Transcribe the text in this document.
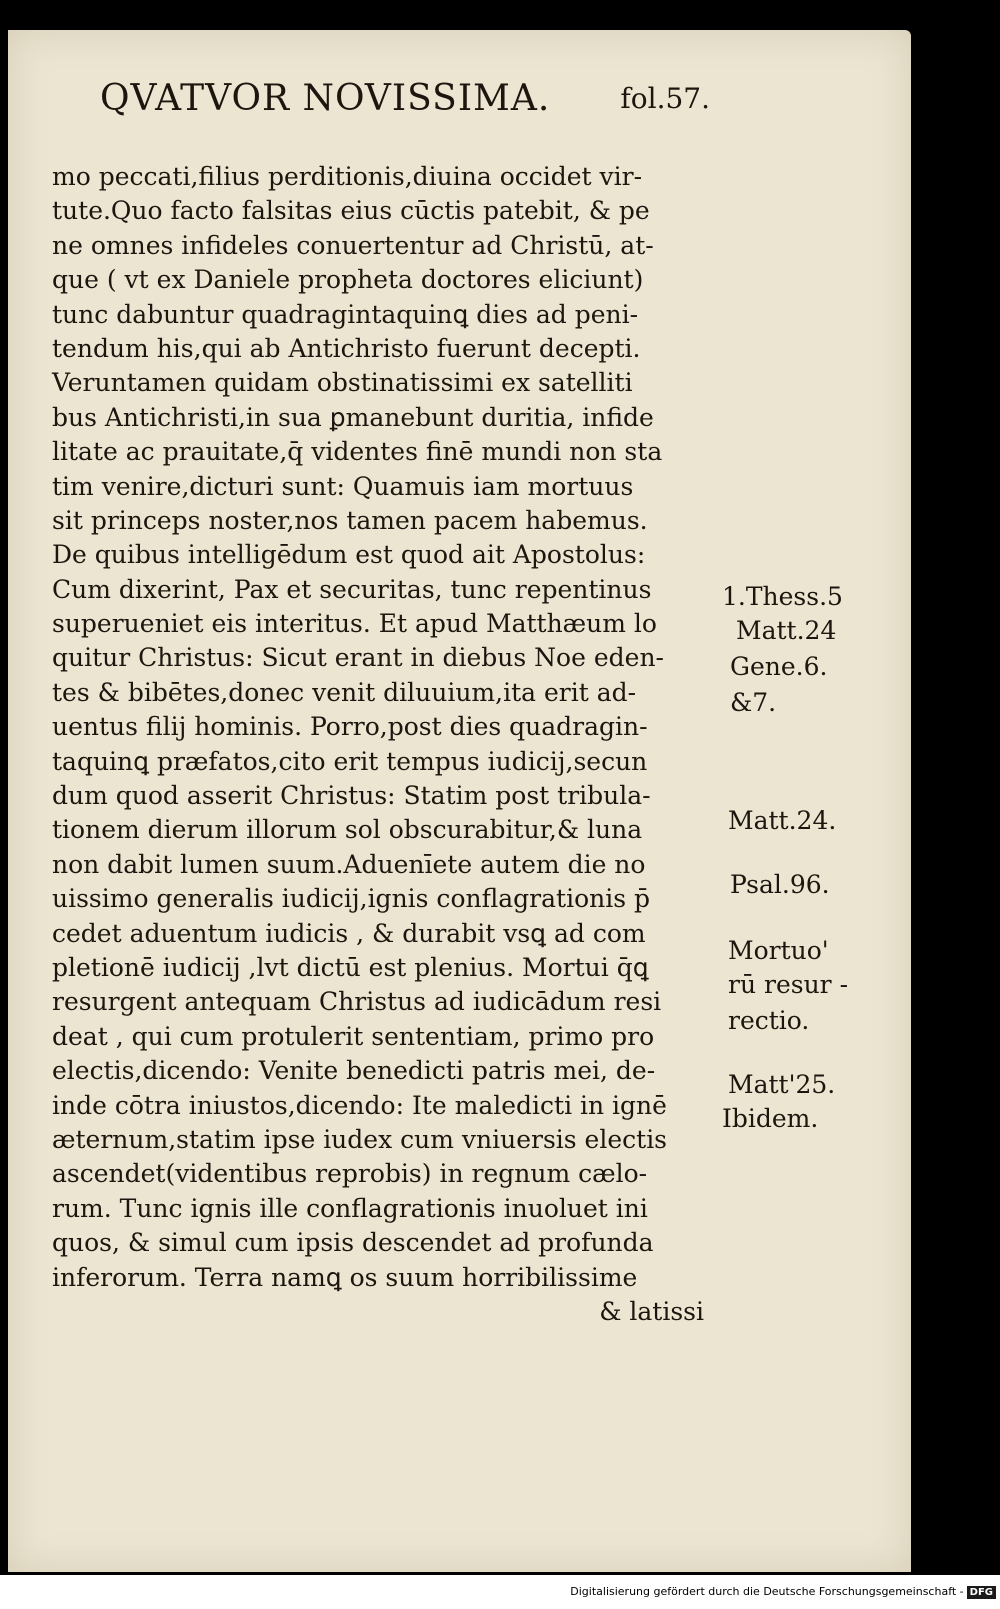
QVATVOR NOVISSIMA.	fol.57.
mo peccati,filius perditionis,diuina occidet vir-
tute.Quo facto falsitas eius cūctis patebit, & pe
ne omnes infideles conuertentur ad Christū, at-
que ( vt ex Daniele propheta doctores eliciunt)
tunc dabuntur quadragintaquinꝗ dies ad peni-
tendum his,qui ab Antichristo fuerunt decepti.
Veruntamen quidam obstinatissimi ex satelliti
bus Antichristi,in sua ꝑmanebunt duritia, infide
litate ac prauitate,q̄ videntes finē mundi non sta
tim venire,dicturi sunt: Quamuis iam mortuus
sit princeps noster,nos tamen pacem habemus.
De quibus intelligēdum est quod ait Apostolus:
Cum dixerint, Pax et securitas, tunc repentinus
superueniet eis interitus. Et apud Matthæum lo
quitur Christus: Sicut erant in diebus Noe eden-
tes & bibētes,donec venit diluuium,ita erit ad-
uentus filij hominis. Porro,post dies quadragin-
taquinꝗ præfatos,cito erit tempus iudicij,secun
dum quod asserit Christus: Statim post tribula-
tionem dierum illorum sol obscurabitur,& luna
non dabit lumen suum.Aduenīete autem die no
uissimo generalis iudicij,ignis conflagrationis p̄
cedet aduentum iudicis , & durabit vsꝗ ad com
pletionē iudicij ,lvt dictū est plenius. Mortui q̄ꝗ
resurgent antequam Christus ad iudicādum resi
deat , qui cum protulerit sententiam, primo pro
electis,dicendo: Venite benedicti patris mei, de-
inde cōtra iniustos,dicendo: Ite maledicti in ignē
æternum,statim ipse iudex cum vniuersis electis
ascendet(videntibus reprobis) in regnum cælo-
rum. Tunc ignis ille conflagrationis inuoluet ini
quos, & simul cum ipsis descendet ad profunda
inferorum. Terra namꝗ os suum horribilissime
& latissi
1.Thess.5
Matt.24
Gene.6.
&7.
Matt.24.
Psal.96.
Mortuo'
rū resur -
rectio.
Matt'25.
Ibidem.
Digitalisierung gefördert durch die Deutsche Forschungsgemeinschaft - DFG
